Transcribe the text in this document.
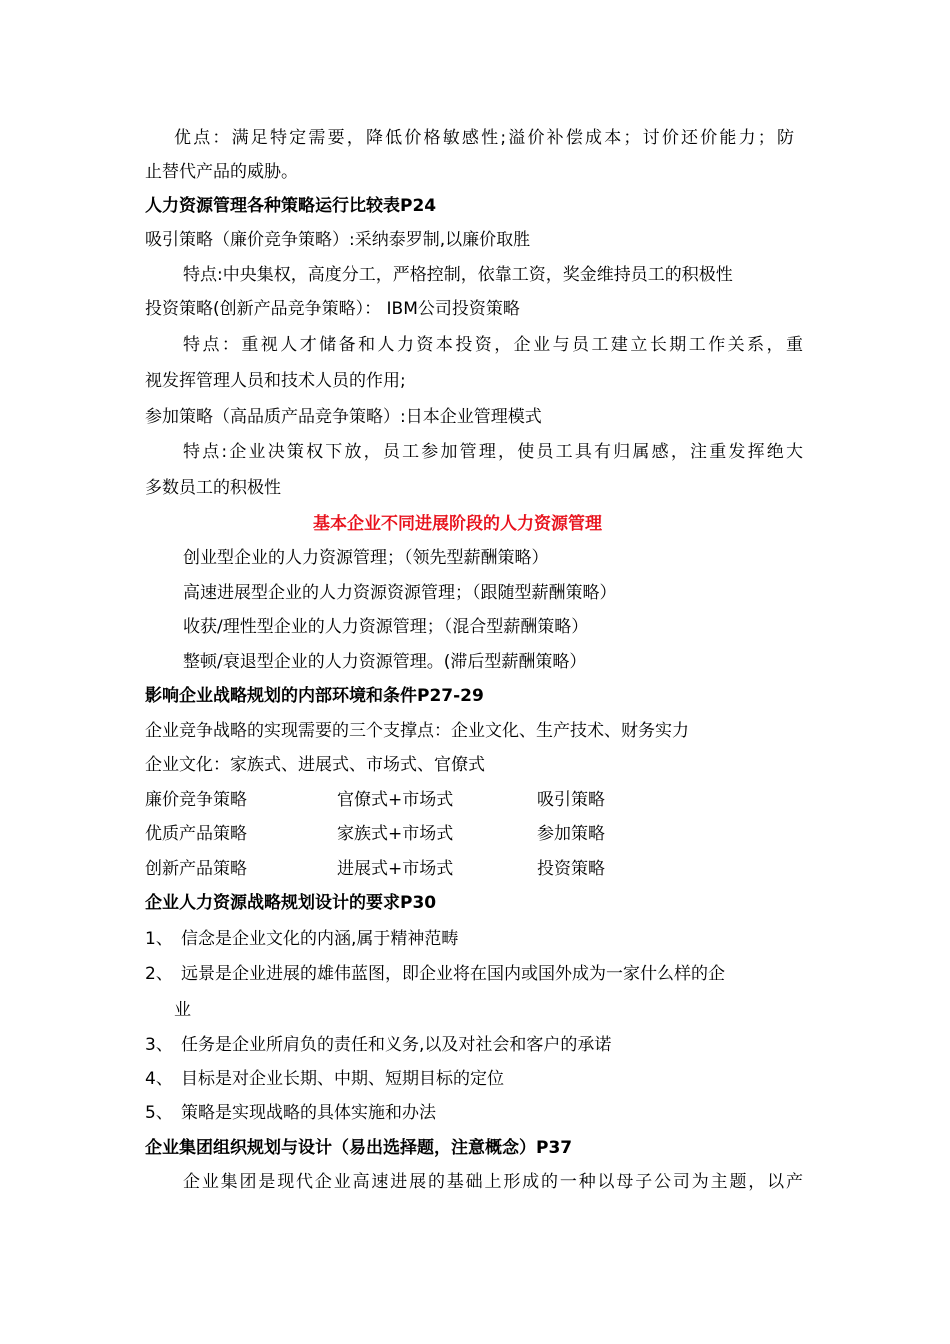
优点：满足特定需要，降低价格敏感性;溢价补偿成本；讨价还价能力；防
止替代产品的威胁。
人力资源管理各种策略运行比较表P24
吸引策略（廉价竞争策略）:采纳泰罗制,以廉价取胜
特点:中央集权，高度分工，严格控制，依靠工资，奖金维持员工的积极性
投资策略(创新产品竞争策略）： IBM公司投资策略
特点：重视人才储备和人力资本投资，企业与员工建立长期工作关系，重
视发挥管理人员和技术人员的作用;
参加策略（高品质产品竞争策略）:日本企业管理模式
特点:企业决策权下放，员工参加管理，使员工具有归属感，注重发挥绝大
多数员工的积极性
基本企业不同进展阶段的人力资源管理
创业型企业的人力资源管理；（领先型薪酬策略）
高速进展型企业的人力资源资源管理；（跟随型薪酬策略）
收获/理性型企业的人力资源管理；（混合型薪酬策略）
整顿/衰退型企业的人力资源管理。(滞后型薪酬策略）
影响企业战略规划的内部环境和条件P27-29
企业竞争战略的实现需要的三个支撑点：企业文化、生产技术、财务实力
企业文化：家族式、进展式、市场式、官僚式
廉价竞争策略	官僚式+市场式	吸引策略
优质产品策略	家族式+市场式	参加策略
创新产品策略	进展式+市场式	投资策略
企业人力资源战略规划设计的要求P30
1、 信念是企业文化的内涵,属于精神范畴
2、 远景是企业进展的雄伟蓝图，即企业将在国内或国外成为一家什么样的企
业
3、 任务是企业所肩负的责任和义务,以及对社会和客户的承诺
4、 目标是对企业长期、中期、短期目标的定位
5、 策略是实现战略的具体实施和办法
企业集团组织规划与设计（易出选择题，注意概念）P37
企业集团是现代企业高速进展的基础上形成的一种以母子公司为主题，以产
